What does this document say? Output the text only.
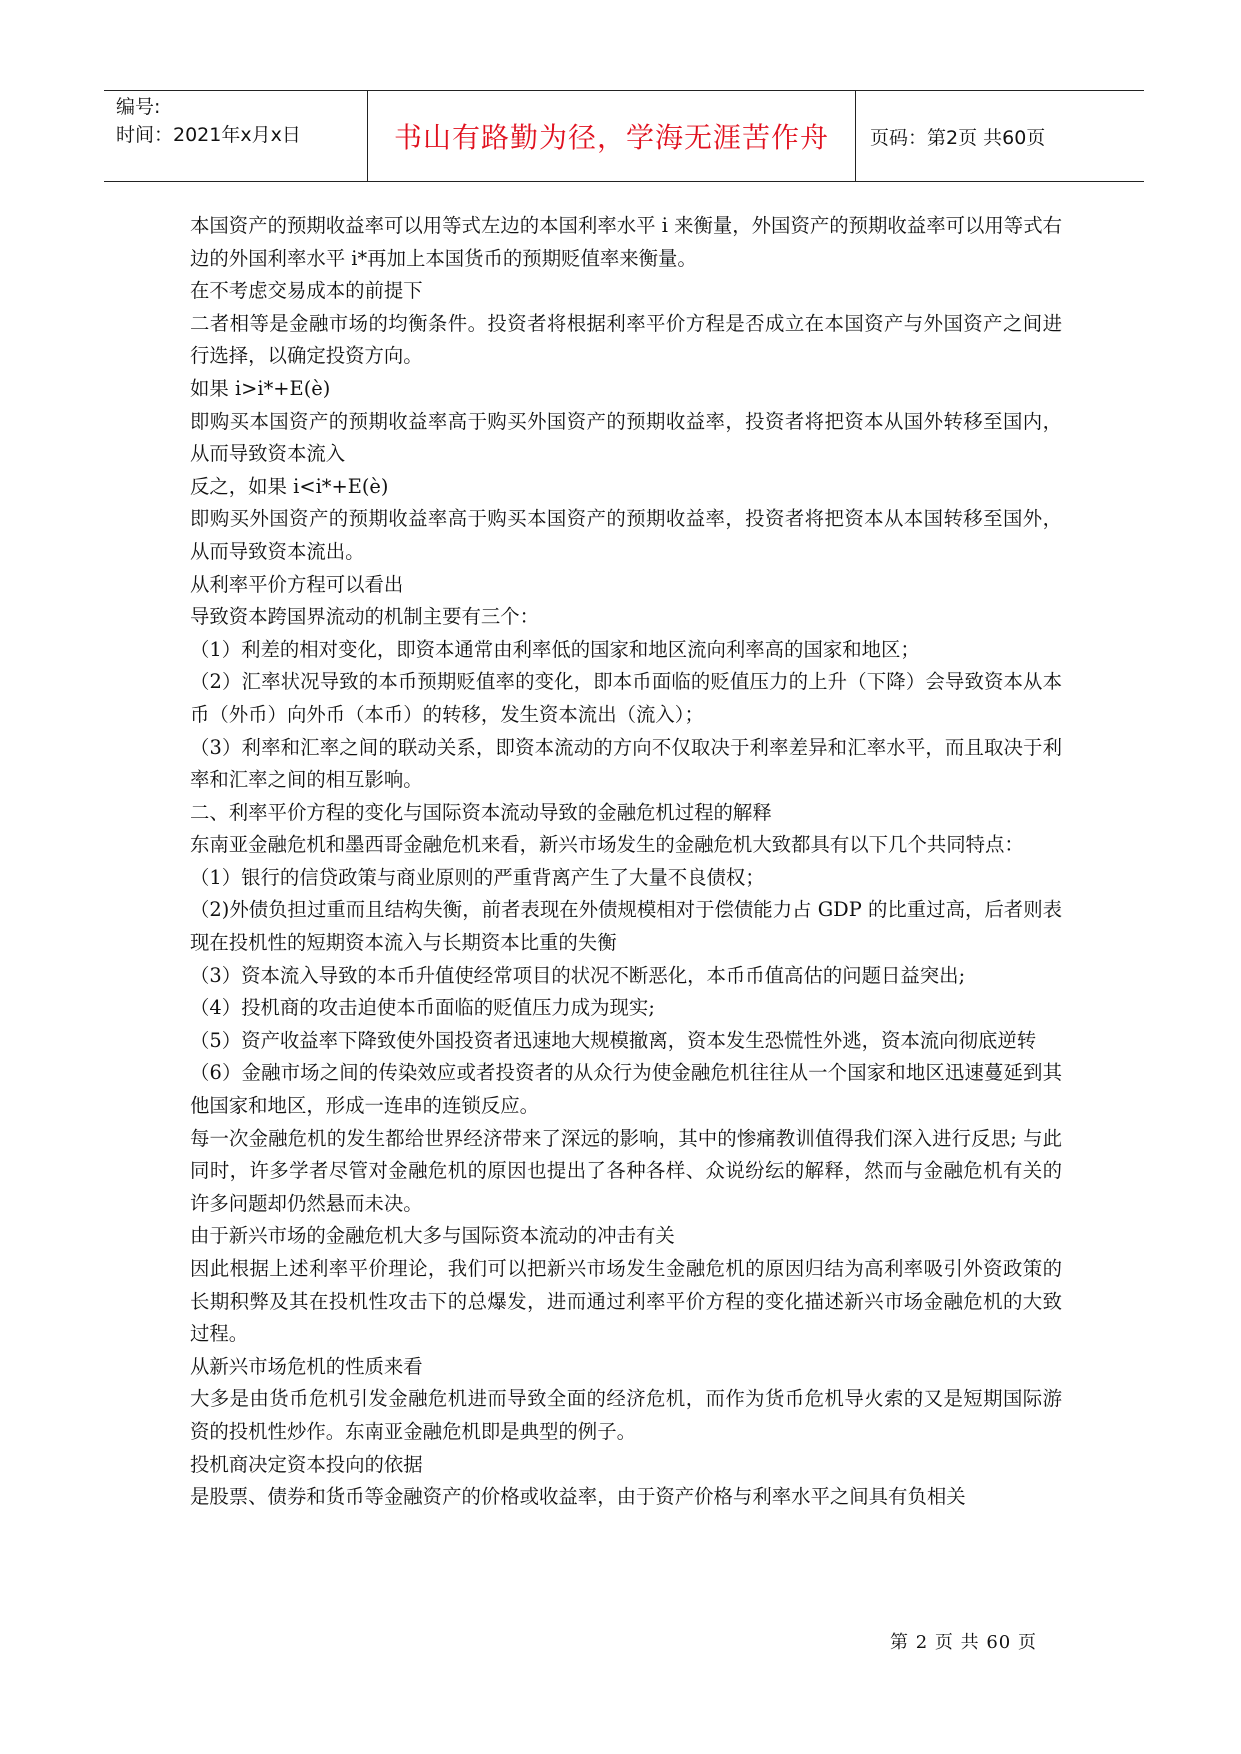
编号:
时间：2021年x月x日	书山有路勤为径，学海无涯苦作舟	页码：第2页 共60页

本国资产的预期收益率可以用等式左边的本国利率水平 i 来衡量，外国资产的预期收益率可以用等式右边的外国利率水平 i*再加上本国货币的预期贬值率来衡量。

在不考虑交易成本的前提下

二者相等是金融市场的均衡条件。投资者将根据利率平价方程是否成立在本国资产与外国资产之间进行选择，以确定投资方向。

如果 i>i*+E(è)

即购买本国资产的预期收益率高于购买外国资产的预期收益率，投资者将把资本从国外转移至国内，从而导致资本流入

反之，如果 i<i*+E(è)

即购买外国资产的预期收益率高于购买本国资产的预期收益率，投资者将把资本从本国转移至国外，从而导致资本流出。

从利率平价方程可以看出

导致资本跨国界流动的机制主要有三个：

（1）利差的相对变化，即资本通常由利率低的国家和地区流向利率高的国家和地区；

（2）汇率状况导致的本币预期贬值率的变化，即本币面临的贬值压力的上升（下降）会导致资本从本币（外币）向外币（本币）的转移，发生资本流出（流入）；

（3）利率和汇率之间的联动关系，即资本流动的方向不仅取决于利率差异和汇率水平，而且取决于利率和汇率之间的相互影响。

二、利率平价方程的变化与国际资本流动导致的金融危机过程的解释

东南亚金融危机和墨西哥金融危机来看，新兴市场发生的金融危机大致都具有以下几个共同特点：

（1）银行的信贷政策与商业原则的严重背离产生了大量不良债权；

（2)外债负担过重而且结构失衡，前者表现在外债规模相对于偿债能力占 GDP 的比重过高，后者则表现在投机性的短期资本流入与长期资本比重的失衡

（3）资本流入导致的本币升值使经常项目的状况不断恶化，本币币值高估的问题日益突出;

（4）投机商的攻击迫使本币面临的贬值压力成为现实;

（5）资产收益率下降致使外国投资者迅速地大规模撤离，资本发生恐慌性外逃，资本流向彻底逆转

（6）金融市场之间的传染效应或者投资者的从众行为使金融危机往往从一个国家和地区迅速蔓延到其他国家和地区，形成一连串的连锁反应。

每一次金融危机的发生都给世界经济带来了深远的影响，其中的惨痛教训值得我们深入进行反思; 与此同时，许多学者尽管对金融危机的原因也提出了各种各样、众说纷纭的解释，然而与金融危机有关的许多问题却仍然悬而未决。

由于新兴市场的金融危机大多与国际资本流动的冲击有关

因此根据上述利率平价理论，我们可以把新兴市场发生金融危机的原因归结为高利率吸引外资政策的长期积弊及其在投机性攻击下的总爆发，进而通过利率平价方程的变化描述新兴市场金融危机的大致过程。

从新兴市场危机的性质来看

大多是由货币危机引发金融危机进而导致全面的经济危机，而作为货币危机导火索的又是短期国际游资的投机性炒作。东南亚金融危机即是典型的例子。

投机商决定资本投向的依据

是股票、债券和货币等金融资产的价格或收益率，由于资产价格与利率水平之间具有负相关

第 2 页 共 60 页
